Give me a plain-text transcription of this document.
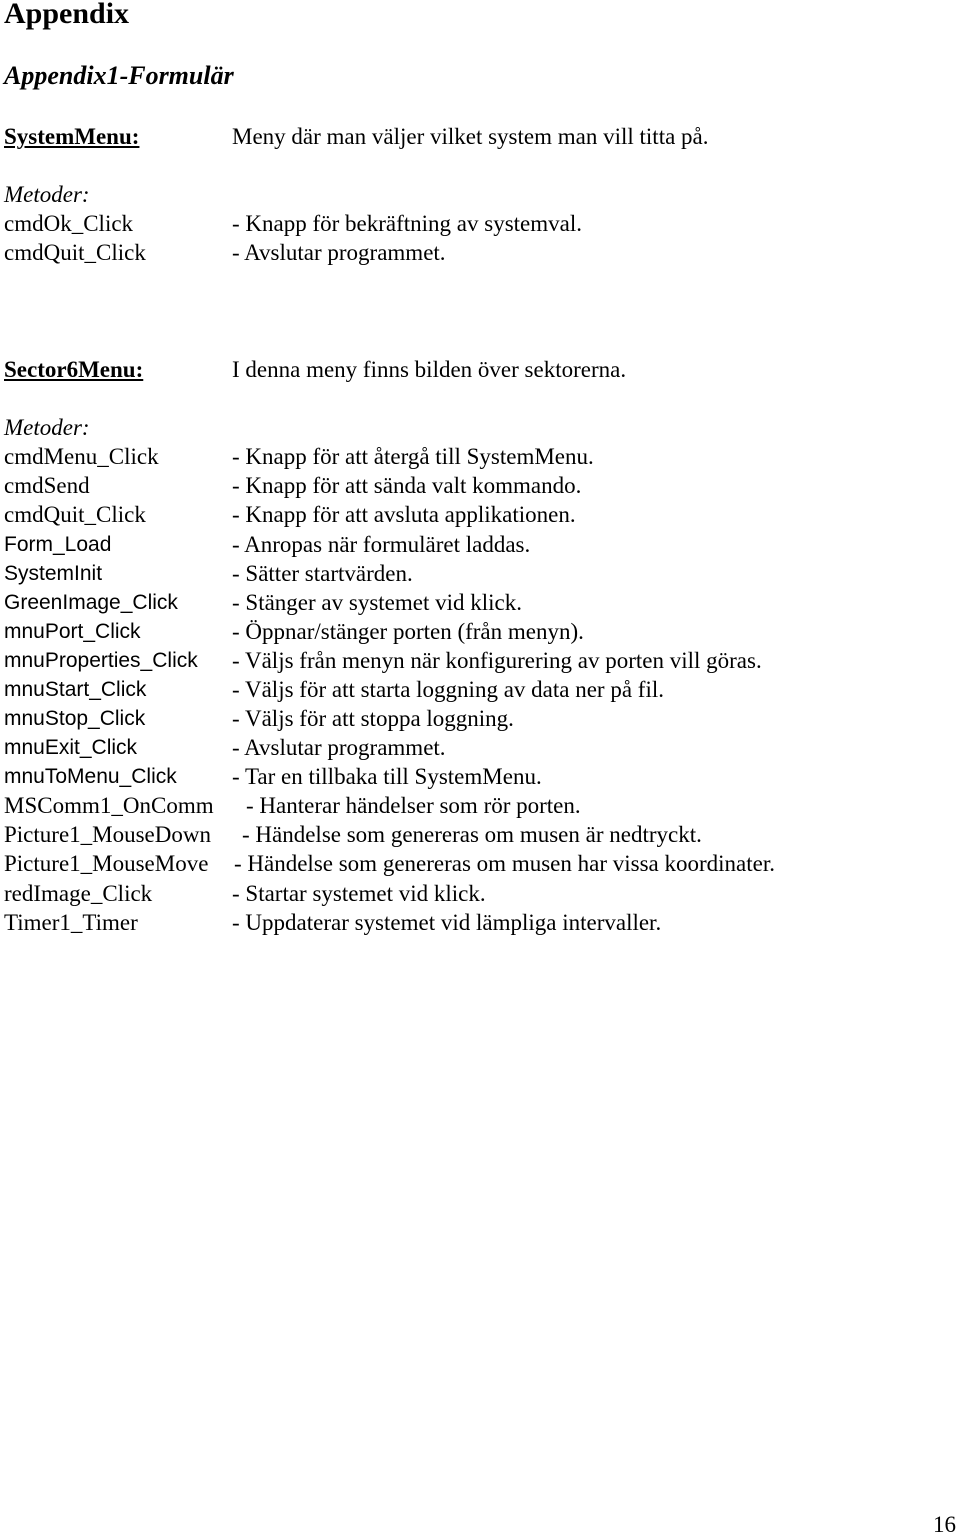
Appendix
Appendix1-Formulär
SystemMenu:	Meny där man väljer vilket system man vill titta på.
Metoder:
cmdOk_Click	- Knapp för bekräftning av systemval.
cmdQuit_Click	- Avslutar programmet.
Sector6Menu:	I denna meny finns bilden över sektorerna.
Metoder:
cmdMenu_Click	- Knapp för att återgå till SystemMenu.
cmdSend	- Knapp för att sända valt kommando.
cmdQuit_Click	- Knapp för att avsluta applikationen.
Form_Load	- Anropas när formuläret laddas.
SystemInit	- Sätter startvärden.
GreenImage_Click - Stänger av systemet vid klick.
mnuPort_Click	- Öppnar/stänger porten (från menyn).
mnuProperties_Click - Väljs från menyn när konfigurering av porten vill göras.
mnuStart_Click	- Väljs för att starta loggning av data ner på fil.
mnuStop_Click	- Väljs för att stoppa loggning.
mnuExit_Click	- Avslutar programmet.
mnuToMenu_Click - Tar en tillbaka till SystemMenu.
MSComm1_OnComm - Hanterar händelser som rör porten.
Picture1_MouseDown - Händelse som genereras om musen är nedtryckt.
Picture1_MouseMove - Händelse som genereras om musen har vissa koordinater.
redImage_Click	- Startar systemet vid klick.
Timer1_Timer	- Uppdaterar systemet vid lämpliga intervaller.
16
